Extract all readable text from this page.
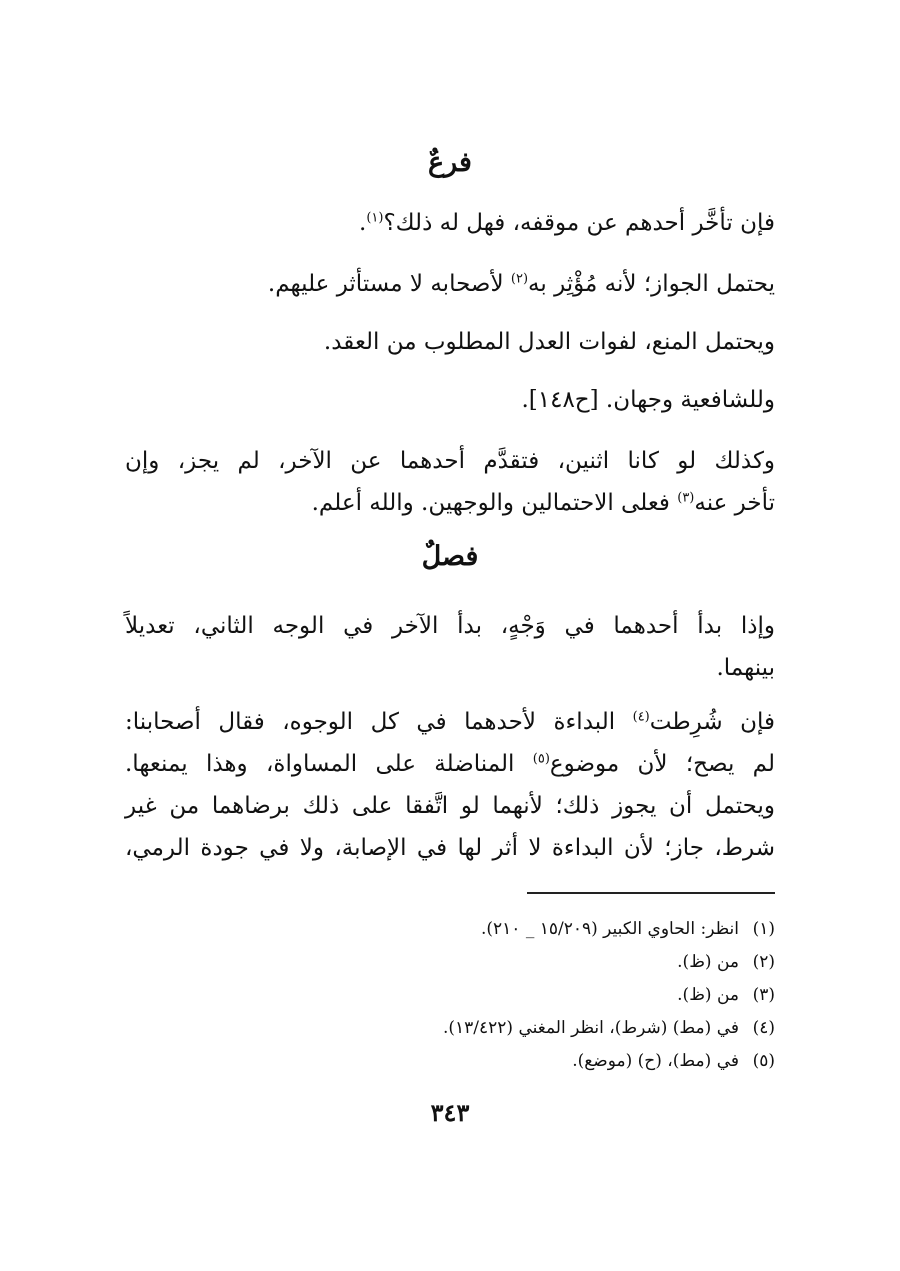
فرعٌ
فإن تأخَّر أحدهم عن موقفه، فهل له ذلك؟$^{(١)}$.
يحتمل الجواز؛ لأنه مُؤْثِر به$^{(٢)}$ لأصحابه لا مستأثر عليهم.
ويحتمل المنع، لفوات العدل المطلوب من العقد.
وللشافعية وجهان. [ح١٤٨].
وكذلك لو كانا اثنين، فتقدَّم أحدهما عن الآخر، لم يجز، وإن
تأخر عنه$^{(٣)}$ فعلى الاحتمالين والوجهين. والله أعلم.
فصلٌ
وإذا بدأ أحدهما في وَجْهٍ، بدأ الآخر في الوجه الثاني، تعديلاً
بينهما.
فإن شُرِطت$^{(٤)}$ البداءة لأحدهما في كل الوجوه، فقال أصحابنا:
لم يصح؛ لأن موضوع$^{(٥)}$ المناضلة على المساواة، وهذا يمنعها.
ويحتمل أن يجوز ذلك؛ لأنهما لو اتَّفقا على ذلك برضاهما من غير
شرط، جاز؛ لأن البداءة لا أثر لها في الإصابة، ولا في جودة الرمي،
(١)انظر: الحاوي الكبير (١٥/٢٠٩ _ ٢١٠).
(٢)من (ظ).
(٣)من (ظ).
(٤)في (مط) (شرط)، انظر المغني (١٣/٤٢٢).
(٥)في (مط)، (ح) (موضع).
٣٤٣
